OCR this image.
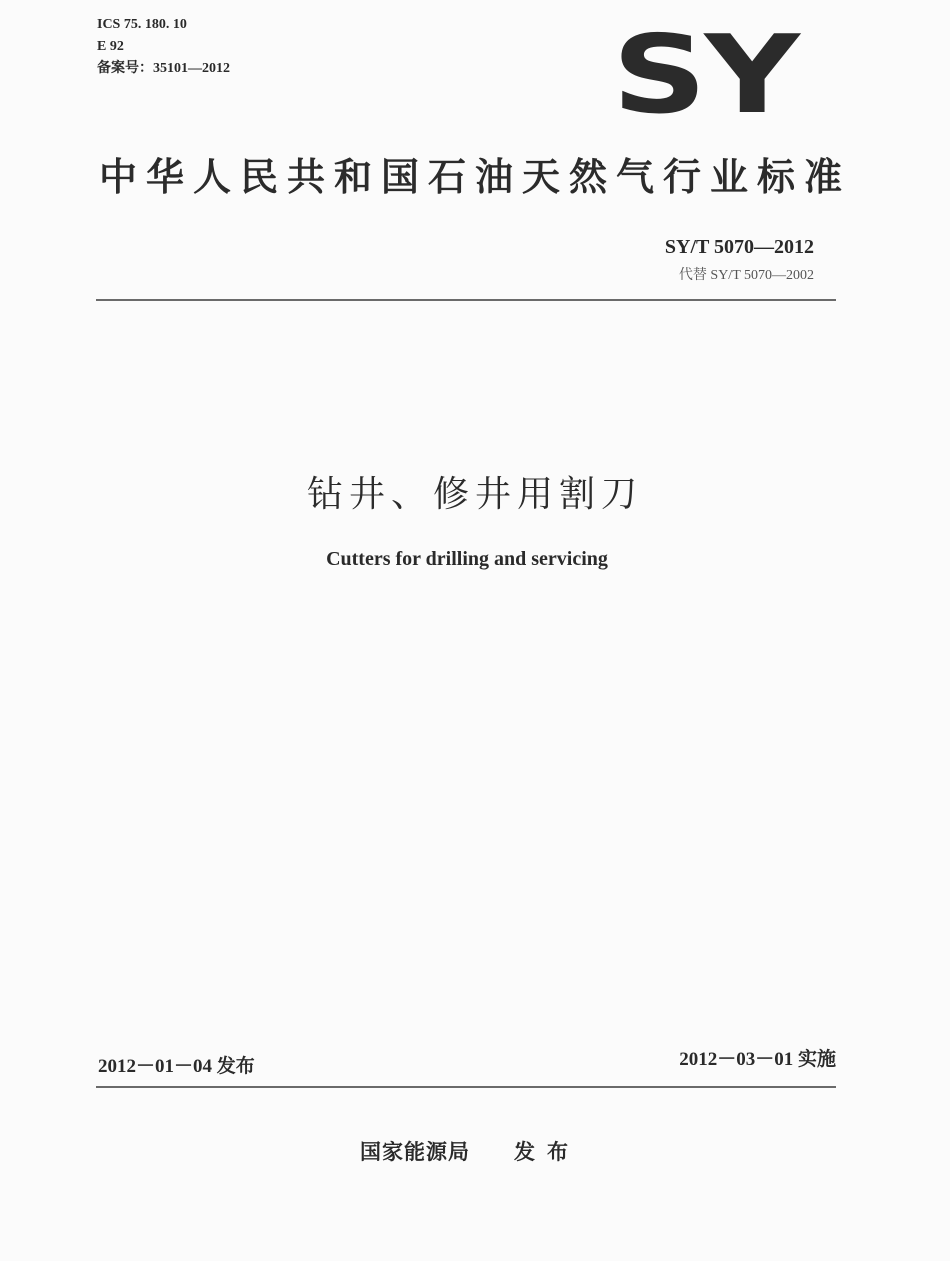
ICS 75. 180. 10
E 92
备案号：35101—2012	SY
中华人民共和国石油天然气行业标准
SY/T 5070—2012
代替 SY/T 5070—2002
钻井、修井用割刀
Cutters for drilling and servicing
2012－01－04 发布	2012－03－01 实施
国家能源局 发布
